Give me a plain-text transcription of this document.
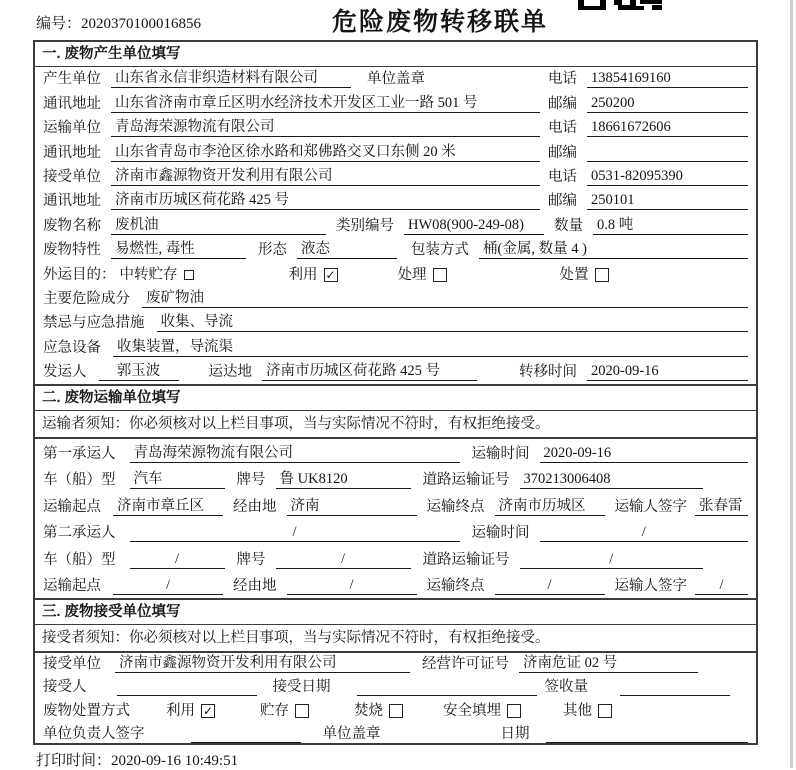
编号：2020370100016856	危险废物转移联单
一. 废物产生单位填写
产生单位 山东省永信非织造材料有限公司	单位盖章	电话 13854169160
通讯地址 山东省济南市章丘区明水经济技术开发区工业一路 501 号	邮编 250200
运输单位 青岛海荣源物流有限公司	电话 18661672606
通讯地址 山东省青岛市李沧区徐水路和郑佛路交叉口东侧 20 米	邮编
接受单位 济南市鑫源物资开发利用有限公司	电话 0531-82095390
通讯地址 济南市历城区荷花路 425 号	邮编 250101
废物名称 废机油	类别编号 HW08(900-249-08)	数量 0.8 吨
废物特性 易燃性, 毒性	形态 液态	包装方式 桶(金属, 数量 4 )
外运目的： 中转贮存	利用 ✓	处理	处置
主要危险成分 废矿物油
禁忌与应急措施 收集、导流
应急设备 收集装置，导流渠
发运人	郭玉波	运达地 济南市历城区荷花路 425 号	转移时间 2020-09-16
二. 废物运输单位填写
运输者须知：你必须核对以上栏目事项，当与实际情况不符时，有权拒绝接受。
第一承运人 青岛海荣源物流有限公司	运输时间 2020-09-16
车（船）型 汽车	牌号 鲁 UK8120	道路运输证号 370213006408
运输起点 济南市章丘区	经由地 济南	运输终点 济南市历城区	运输人签字 张春雷
第二承运人	/	运输时间	/
车（船）型	/	牌号	/	道路运输证号	/
运输起点	/	经由地	/	运输终点	/	运输人签字	/
三. 废物接受单位填写
接受者须知：你必须核对以上栏目事项，当与实际情况不符时，有权拒绝接受。
接受单位 济南市鑫源物资开发利用有限公司	经营许可证号 济南危证 02 号
接受人	接受日期	签收量
废物处置方式 利用 ✓	贮存	焚烧	安全填埋	其他
单位负责人签字	单位盖章	日期
打印时间：2020-09-16 10:49:51
